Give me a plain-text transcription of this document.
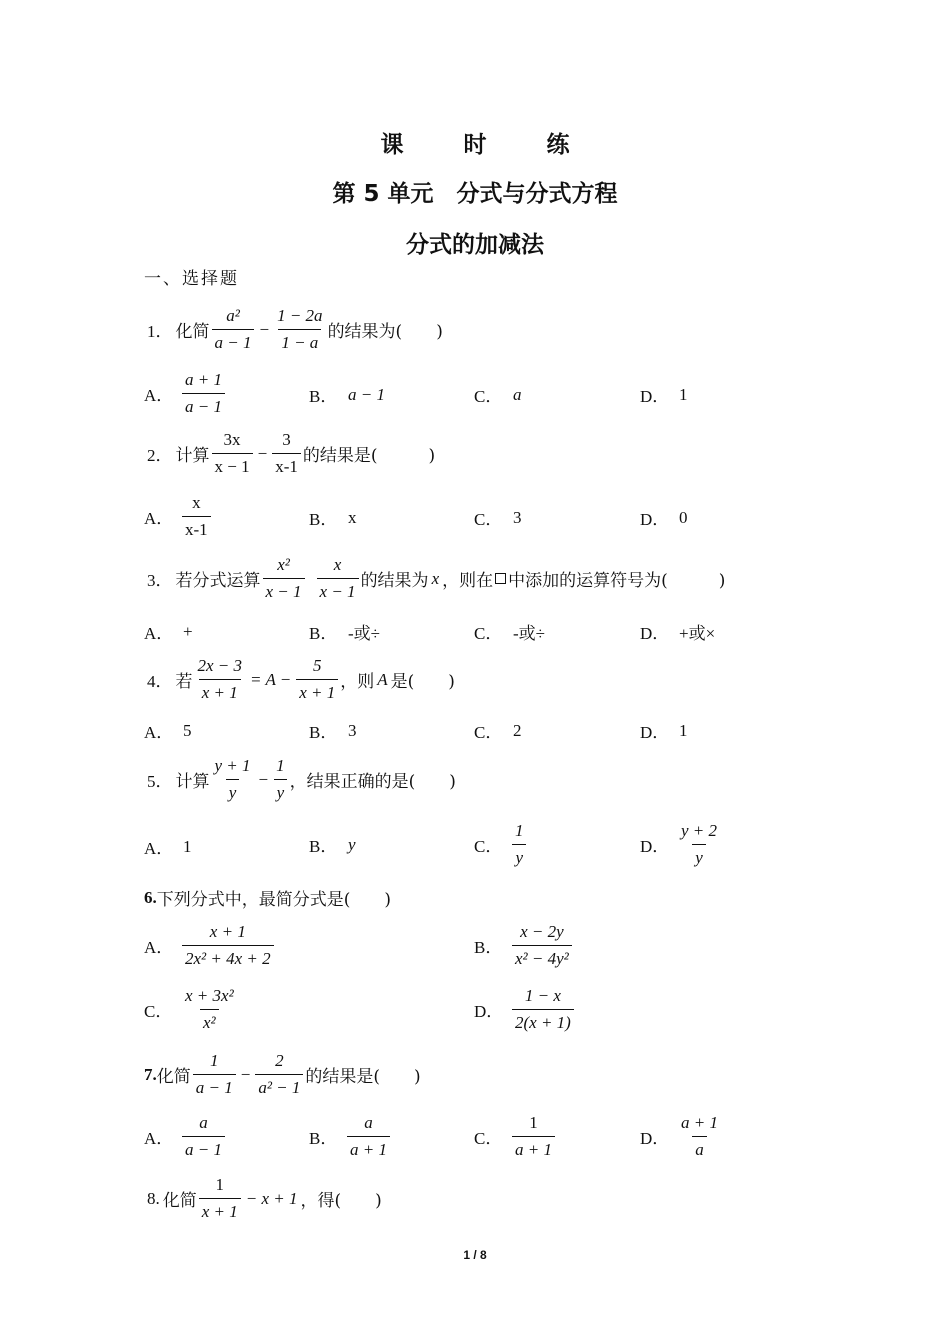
课 时 练
第 5 单元　分式与分式方程
分式的加减法
一、选择题
1． 化简 $\frac{\text{a²}}{a - 1} - \frac{1 - 2a}{1 - a}$ 的结果为(　　)
A． $\frac{a + 1}{a - 1}$	B． a − 1	C． a	D． 1
2． 计算 $\frac{3x}{x - 1} - \frac{3}{x-1}$ 的结果是(　　　)
A． $\frac{x}{x-1}$	B． x	C． 3	D． 0
3． 若分式运算 $\frac{\text{x²}}{x - 1} \frac{x}{x - 1}$ 的结果为 x ，则在 中添加的运算符号为(　　　)
A． +	B． -或÷	C． -或÷	D． +或×
4． 若 $\frac{2x - 3}{x + 1} = A - \frac{5}{x + 1}$ ，则 A 是(　　)
A． 5	B． 3	C． 2	D． 1
5． 计算 $\frac{y + 1}{y} - \frac{1}{y}$ ，结果正确的是(　　)
A． 1	B． y	C． $\frac{1}{y}$	D． $\frac{y + 2}{y}$
6. 下列分式中，最简分式是(　　)
A． $\frac{x + 1}{\text{2x² + 4x + 2}}$	B． $\frac{x - 2y}{\text{x² − 4y²}}$
C． $\frac{\text{x + 3x²}}{\text{x²}}$	D． $\frac{1 - x}{2(x + 1)}$
7. 化简 $\frac{1}{a - 1} - \frac{2}{\text{a² − 1}}$ 的结果是(　　)
A． $\frac{a}{a - 1}$	B． $\frac{a}{a + 1}$	C． $\frac{1}{a + 1}$	D． $\frac{a + 1}{a}$
8. 化简 $\frac{1}{x + 1} - x + 1$ ，得(　　)
1 / 8
